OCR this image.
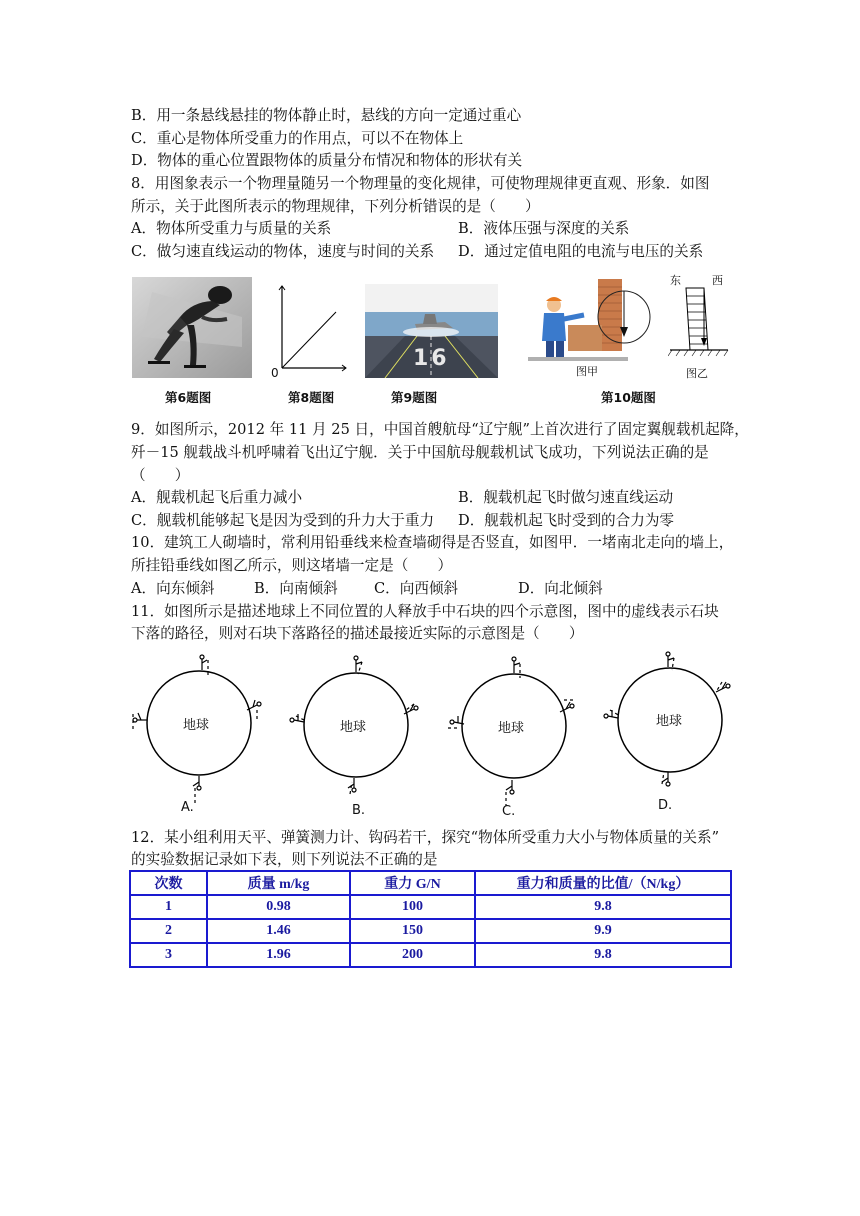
B．用一条悬线悬挂的物体静止时，悬线的方向一定通过重心
C．重心是物体所受重力的作用点，可以不在物体上
D．物体的重心位置跟物体的质量分布情况和物体的形状有关
8．用图象表示一个物理量随另一个物理量的变化规律，可使物理规律更直观、形象．如图
所示，关于此图所表示的物理规律，下列分析错误的是（　　）
A．物体所受重力与质量的关系	B．液体压强与深度的关系
C．做匀速直线运动的物体，速度与时间的关系 D．通过定值电阻的电流与电压的关系
0
16
图甲
东	西
图乙
第6题图	第8题图	第9题图	第10题图
9．如图所示，2012 年 11 月 25 日，中国首艘航母“辽宁舰”上首次进行了固定翼舰载机起降，
歼－15 舰载战斗机呼啸着飞出辽宁舰．关于中国航母舰载机试飞成功，下列说法正确的是
（　　）
A．舰载机起飞后重力减小	B．舰载机起飞时做匀速直线运动
C．舰载机能够起飞是因为受到的升力大于重力 D．舰载机起飞时受到的合力为零
10．建筑工人砌墙时，常利用铅垂线来检查墙砌得是否竖直，如图甲．一堵南北走向的墙上，
所挂铅垂线如图乙所示，则这堵墙一定是（　　）
A．向东倾斜	B．向南倾斜 C．向西倾斜	D．向北倾斜
11．如图所示是描述地球上不同位置的人释放手中石块的四个示意图，图中的虚线表示石块
下落的路径，则对石块下落路径的描述最接近实际的示意图是（　　）
地球
A.
地球
B.
地球
C.
地球
D.
12．某小组利用天平、弹簧测力计、钩码若干，探究“物体所受重力大小与物体质量的关系”
的实验数据记录如下表，则下列说法不正确的是
次数	质量 m/kg	重力 G/N	重力和质量的比值/（N/kg）
1	0.98	100	9.8
2	1.46	150	9.9
3	1.96	200	9.8
